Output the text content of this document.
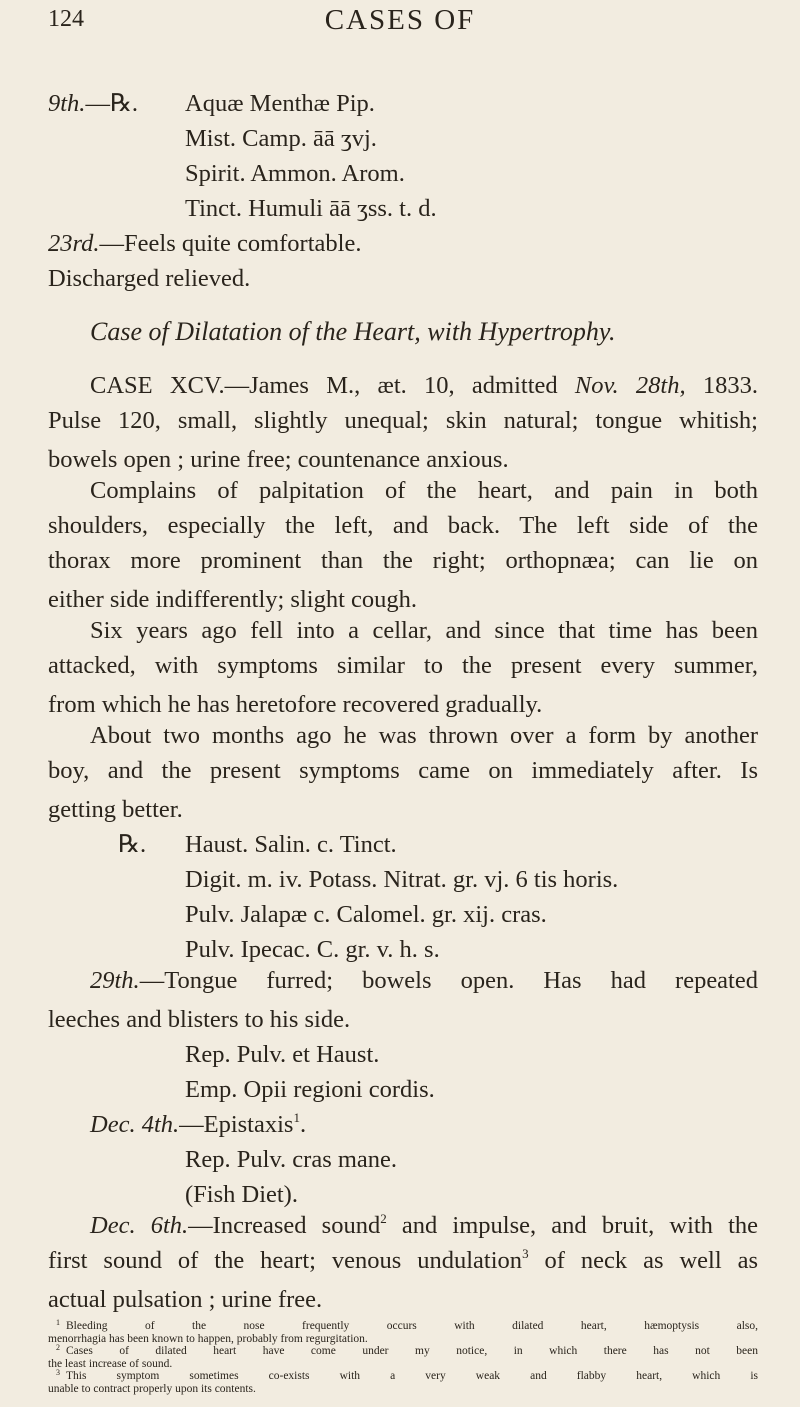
124	CASES OF
9th.—℞. Aquæ Menthæ Pip.
Mist. Camp. āā ʒvj.
Spirit. Ammon. Arom.
Tinct. Humuli āā ʒss. t. d.
23rd.—Feels quite comfortable.
Discharged relieved.
Case of Dilatation of the Heart, with Hypertrophy.
CASE XCV.—James M., æt. 10, admitted Nov. 28th, 1833.
Pulse 120, small, slightly unequal; skin natural; tongue whitish;
bowels open ; urine free; countenance anxious.
Complains of palpitation of the heart, and pain in both
shoulders, especially the left, and back. The left side of the
thorax more prominent than the right; orthopnæa; can lie on
either side indifferently; slight cough.
Six years ago fell into a cellar, and since that time has been
attacked, with symptoms similar to the present every summer,
from which he has heretofore recovered gradually.
About two months ago he was thrown over a form by another
boy, and the present symptoms came on immediately after. Is
getting better.
℞. Haust. Salin. c. Tinct.
Digit. m. iv. Potass. Nitrat. gr. vj. 6 tis horis.
Pulv. Jalapæ c. Calomel. gr. xij. cras.
Pulv. Ipecac. C. gr. v. h. s.
29th.—Tongue furred; bowels open. Has had repeated
leeches and blisters to his side.
Rep. Pulv. et Haust.
Emp. Opii regioni cordis.
Dec. 4th.—Epistaxis$^1$.
Rep. Pulv. cras mane.
(Fish Diet).
Dec. 6th.—Increased sound$^2$ and impulse, and bruit, with the
first sound of the heart; venous undulation$^3$ of neck as well as
actual pulsation ; urine free.
$^1$ Bleeding of the nose frequently occurs with dilated heart, hæmoptysis also,
menorrhagia has been known to happen, probably from regurgitation.
$^2$ Cases of dilated heart have come under my notice, in which there has not been
the least increase of sound.
$^3$ This symptom sometimes co-exists with a very weak and flabby heart, which is
unable to contract properly upon its contents.
